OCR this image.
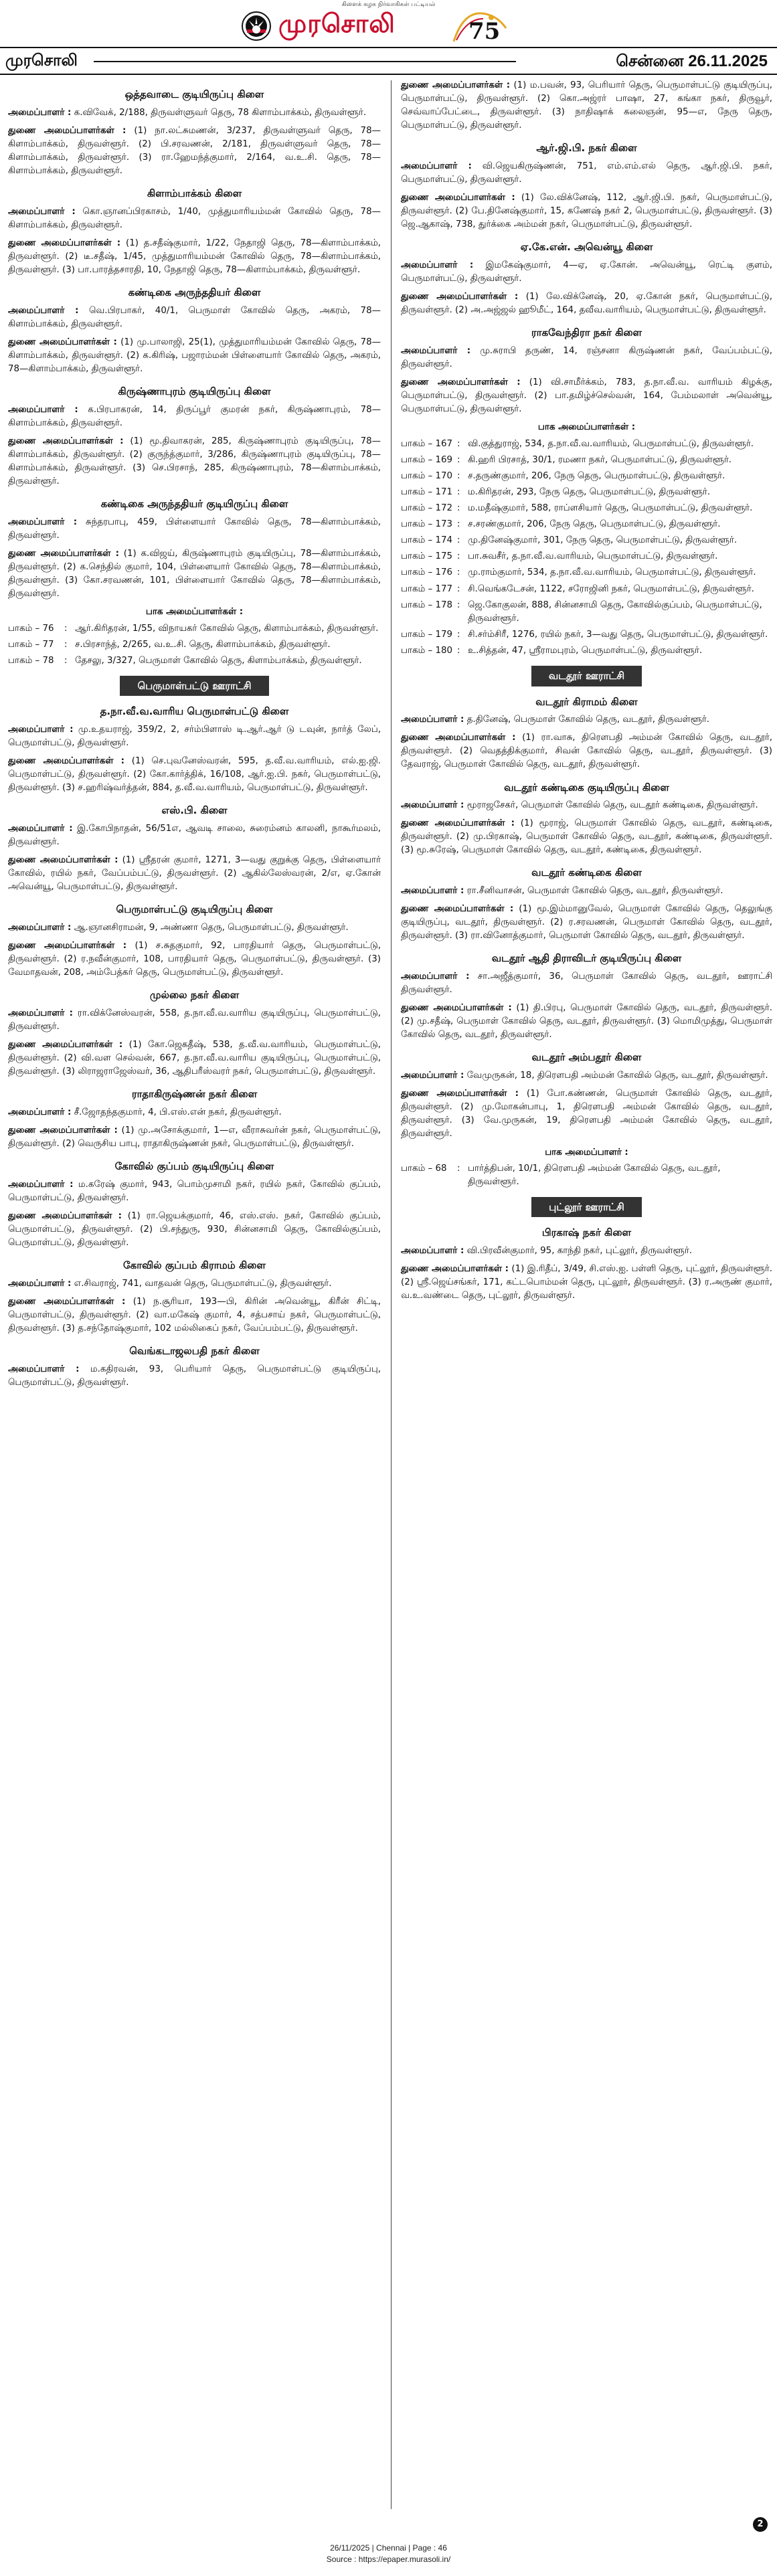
கிளைக் கழக நிர்வாகிகள் பட்டியல்
முரசொலி	75
முரசொலி	சென்னை 26.11.2025
ஒத்தவாடை குடியிருப்பு கிளை

அமைப்பாளர் : க.விவேக், 2/188, திருவள்ளுவர் தெரு, 78 கிளாம்பாக்கம், திருவள்ளூர்.

துணை அமைப்பாளர்கள் : (1) நா.லட்சுமணன், 3/237, திருவள்ளுவர் தெரு, 78—கிளாம்பாக்கம், திருவள்ளூர். (2) பி.சரவணன், 2/181, திருவள்ளுவர் தெரு, 78—கிளாம்பாக்கம், திருவள்ளூர். (3) ரா.ஹேமந்த்குமார், 2/164, வ.உ.சி. தெரு, 78—கிளாம்பாக்கம், திருவள்ளூர்.

கிளாம்பாக்கம் கிளை

அமைப்பாளர் : கொ.ஞானப்பிரகாசம், 1/40, முத்துமாரியம்மன் கோவில் தெரு, 78—கிளாம்பாக்கம், திருவள்ளூர்.

துணை அமைப்பாளர்கள் : (1) த.சதீஷ்குமார், 1/22, நேதாஜி தெரு, 78—கிளாம்பாக்கம், திருவள்ளூர். (2) டீ.சதீஷ், 1/45, முத்துமாரியம்மன் கோவில் தெரு, 78—கிளாம்பாக்கம், திருவள்ளூர். (3) பா.பாரத்தசாரதி, 10, நேதாஜி தெரு, 78—கிளாம்பாக்கம், திருவள்ளூர்.

கண்டிகை அருந்ததியர் கிளை

அமைப்பாளர் : வெ.பிரபாகர், 40/1, பெருமாள் கோவில் தெரு, அகரம், 78—கிளாம்பாக்கம், திருவள்ளூர்.

துணை அமைப்பாளர்கள் : (1) மு.பாலாஜி, 25(1), முத்துமாரியம்மன் கோவில் தெரு, 78—கிளாம்பாக்கம், திருவள்ளூர். (2) க.கிரிஷ், பஜாரம்மன் பிள்ளையார் கோவில் தெரு, அகரம், 78—கிளாம்பாக்கம், திருவள்ளூர்.

கிருஷ்ணாபுரம் குடியிருப்பு கிளை

அமைப்பாளர் : க.பிரபாகரன், 14, திருப்பூர் குமரன் நகர், கிருஷ்ணாபுரம், 78—கிளாம்பாக்கம், திருவள்ளூர்.

துணை அமைப்பாளர்கள் : (1) மூ.திவாகரன், 285, கிருஷ்ணாபுரம் குடியிருப்பு, 78—கிளாம்பாக்கம், திருவள்ளூர். (2) குருந்த்குமார், 3/286, கிருஷ்ணாபுரம் குடியிருப்பு, 78—கிளாம்பாக்கம், திருவள்ளூர். (3) செ.பிரசாந், 285, கிருஷ்ணாபுரம், 78—கிளாம்பாக்கம், திருவள்ளூர்.

கண்டிகை அருந்ததியர் குடியிருப்பு கிளை

அமைப்பாளர் : சுந்தரபாபு, 459, பிள்ளையார் கோவில் தெரு, 78—கிளாம்பாக்கம், திருவள்ளூர்.

துணை அமைப்பாளர்கள் : (1) க.விஜய், கிருஷ்ணாபுரம் குடியிருப்பு, 78—கிளாம்பாக்கம், திருவள்ளூர். (2) க.செந்தில் குமார், 104, பிள்ளையார் கோவில் தெரு, 78—கிளாம்பாக்கம், திருவள்ளூர். (3) கோ.சரவணன், 101, பிள்ளையார் கோவில் தெரு, 78—கிளாம்பாக்கம், திருவள்ளூர்.

பாக அமைப்பாளர்கள் :
பாகம் – 76	: ஆர்.கிரிதரன், 1/55, விநாயகர் கோவில் தெரு, கிளாம்பாக்கம், திருவள்ளூர்.
பாகம் – 77	: ச.பிரசாந்த், 2/265, வ.உ.சி. தெரு, கிளாம்பாக்கம், திருவள்ளூர்.
பாகம் – 78	: தேசலு, 3/327, பெருமாள் கோவில் தெரு, கிளாம்பாக்கம், திருவள்ளூர்.
பெருமாள்பட்டு ஊராட்சி
த.நா.வீ.வ.வாரிய பெருமாள்பட்டு கிளை

அமைப்பாளர் : மு.உதயராஜ், 359/2, 2, சர்ம்பிளாஸ் டி.ஆர்.ஆர் டு டவுன், நார்த் லேப், பெருமாள்பட்டு, திருவள்ளூர்.

துணை அமைப்பாளர்கள் : (1) செ.புவனேஸ்வரன், 595, த.வீ.வ.வாரியம், எல்.ஐ.ஜி. பெருமாள்பட்டு, திருவள்ளூர். (2) கோ.கார்த்திக், 16/108, ஆர்.ஐ.பி. நகர், பெருமாள்பட்டு, திருவள்ளூர். (3) ச.ஹரிஷ்வர்த்தன், 884, த.வீ.வ.வாரியம், பெருமாள்பட்டு, திருவள்ளூர்.

எஸ்.பி. கிளை

அமைப்பாளர் : இ.கோபிநாதன், 56/51எ, ஆவடி சாலை, சுரைம்னம் காலனி, நாகூர்மலம், திருவள்ளூர்.

துணை அமைப்பாளர்கள் : (1) ஸ்ரீதரன் குமார், 1271, 3—வது குறுக்கு தெரு, பிள்ளையார் கோவில், ரயில் நகர், வேப்பம்பட்டு, திருவள்ளூர். (2) ஆகில்லேஸ்வரன், 2/எ, ஏ.கோன் அவென்யூ, பெருமாள்பட்டு, திருவள்ளூர்.

பெருமாள்பட்டு குடியிருப்பு கிளை

அமைப்பாளர் : ஆ.ஞானசிராமன், 9, அண்ணா தெரு, பெருமாள்பட்டு, திருவள்ளூர்.

துணை அமைப்பாளர்கள் : (1) ச.சுதகுமார், 92, பாரதியார் தெரு, பெருமாள்பட்டு, திருவள்ளூர். (2) ர.நவீன்குமார், 108, பாரதியார் தெரு, பெருமாள்பட்டு, திருவள்ளூர். (3) வேமாதவன், 208, அம்பேத்கர் தெரு, பெருமாள்பட்டு, திருவள்ளூர்.

முல்லை நகர் கிளை

அமைப்பாளர் : ரா.விக்னேஸ்வரன், 558, த.நா.வீ.வ.வாரிய குடியிருப்பு, பெருமாள்பட்டு, திருவள்ளூர்.

துணை அமைப்பாளர்கள் : (1) கோ.ஜெகதீஷ், 538, த.வீ.வ.வாரியம், பெருமாள்பட்டு, திருவள்ளூர். (2) வி.வள செல்வன், 667, த.நா.வீ.வ.வாரிய குடியிருப்பு, பெருமாள்பட்டு, திருவள்ளூர். (3) லிராஜராஜேஸ்வர், 36, ஆதிபரீஸ்வரர் நகர், பெருமாள்பட்டு, திருவள்ளூர்.

ராதாகிருஷ்ணன் நகர் கிளை

அமைப்பாளர் : சீ.ஜோதந்தகுமார், 4, பி.எஸ்.என் நகர், திருவள்ளூர்.

துணை அமைப்பாளர்கள் : (1) மு.அசோக்குமார், 1—எ, வீராசுவர்ன் நகர், பெருமாள்பட்டு, திருவள்ளூர். (2) வெருசிய பாபு, ராதாகிருஷ்ணன் நகர், பெருமாள்பட்டு, திருவள்ளூர்.

கோவில் குப்பம் குடியிருப்பு கிளை

அமைப்பாளர் : ம.கரேஷ் குமார், 943, பொம்முசாமி நகர், ரயில் நகர், கோவில் குப்பம், பெருமாள்பட்டு, திருவள்ளூர்.

துணை அமைப்பாளர்கள் : (1) ரா.ஜெயக்குமார், 46, எஸ்.எஸ். நகர், கோவில் குப்பம், பெருமாள்பட்டு, திருவள்ளூர். (2) பி.சந்துரு, 930, சின்னசாமி தெரு, கோவில்குப்பம், பெருமாள்பட்டு, திருவள்ளூர்.

கோவில் குப்பம் கிராமம் கிளை

அமைப்பாளர் : எ.சிவராஜ், 741, வாதவன் தெரு, பெருமாள்பட்டு, திருவள்ளூர்.

துணை அமைப்பாளர்கள் : (1) ந.சூரியா, 193—பி, கிரின் அவென்யூ, கிரீன் சிட்டி, பெருமாள்பட்டு, திருவள்ளூர். (2) வா.மகேஷ் குமார், 4, சத்பசாய் நகர், பெருமாள்பட்டு, திருவள்ளூர். (3) த.சந்தோஷ்குமார், 102 மல்லிகைப் நகர், வேப்பம்பட்டு, திருவள்ளூர்.

வெங்கடாஜலபதி நகர் கிளை

அமைப்பாளர் : ம.கதிரவன், 93, பெரியார் தெரு, பெருமாள்பட்டு குடியிருப்பு, பெருமாள்பட்டு, திருவள்ளூர்.

துணை அமைப்பாளர்கள் : (1) ம.பவன், 93, பெரியார் தெரு, பெருமாள்பட்டு குடியிருப்பு, பெருமாள்பட்டு, திருவள்ளூர். (2) கொ.அஜ்ரர் பாஷா, 27, கங்கா நகர், திருவூர், செவ்வாப்பேட்டை, திருவள்ளூர். (3) நாதிஷாக் கலைஞன், 95—எ, நேரு தெரு, பெருமாள்பட்டு, திருவள்ளூர்.

ஆர்.ஜி.பி. நகர் கிளை

அமைப்பாளர் : வி.ஜெயகிருஷ்ணன், 751, எம்.எம்.எல் தெரு, ஆர்.ஜி.பி. நகர், பெருமாள்பட்டு, திருவள்ளூர்.

துணை அமைப்பாளர்கள் : (1) லே.விக்னேஷ், 112, ஆர்.ஜி.பி. நகர், பெருமாள்பட்டு, திருவள்ளூர். (2) பே.தினேஷ்குமார், 15, கணேஷ் நகர் 2, பெருமாள்பட்டு, திருவள்ளூர். (3) ஜெ.ஆகாஷ், 738, துர்க்கை அம்மன் நகர், பெருமாள்பட்டு, திருவள்ளூர்.

ஏ.கே.என். அவென்யூ கிளை

அமைப்பாளர் : இமகேஷ்குமார், 4—ஏ, ஏ.கோன். அவென்யூ, ரெட்டி குளம், பெருமாள்பட்டு, திருவள்ளூர்.

துணை அமைப்பாளர்கள் : (1) லே.விக்னேஷ், 20, ஏ.கோன் நகர், பெருமாள்பட்டு, திருவள்ளூர். (2) அ.அஜ்ஜல் ஹூமீட், 164, தவீவ.வாரியம், பெருமாள்பட்டு, திருவள்ளூர்.

ராகவேந்திரா நகர் கிளை

அமைப்பாளர் : மு.சுராபி தருண், 14, ரஞ்சனா கிருஷ்ணன் நகர், வேப்பம்பட்டு, திருவள்ளூர்.

துணை அமைப்பாளர்கள் : (1) வி.சாமீர்க்கம், 783, த.நா.வீ.வ. வாரியம் கிழக்கு, பெருமாள்பட்டு, திருவள்ளூர். (2) பா.தமிழ்ச்செல்வன், 164, பேம்மலாள் அவென்யூ, பெருமாள்பட்டு, திருவள்ளூர்.

பாக அமைப்பாளர்கள் :
பாகம் – 167 : வி.குத்துராஜ், 534, த.நா.வீ.வ.வாரியம், பெருமாள்பட்டு, திருவள்ளூர்.
பாகம் – 169 : கி.ஹரி பிரசாத், 30/1, ரமணா நகர், பெருமாள்பட்டு, திருவள்ளூர்.
பாகம் – 170 : ச.தருண்குமார், 206, நேரு தெரு, பெருமாள்பட்டு, திருவள்ளூர்.
பாகம் – 171 : ம.கிரிதரன், 293, நேரு தெரு, பெருமாள்பட்டு, திருவள்ளூர்.
பாகம் – 172 : ம.மதீஷ்குமார், 588, ராப்ளசியார் தெரு, பெருமாள்பட்டு, திருவள்ளூர்.
பாகம் – 173 : ச.சரண்குமார், 206, நேரு தெரு, பெருமாள்பட்டு, திருவள்ளூர்.
பாகம் – 174 : மு.தினேஷ்குமார், 301, நேரு தெரு, பெருமாள்பட்டு, திருவள்ளூர்.
பாகம் – 175 : பா.சுவசீர், த.நா.வீ.வ.வாரியம், பெருமாள்பட்டு, திருவள்ளூர்.
பாகம் – 176 : மு.ராம்குமார், 534, த.நா.வீ.வ.வாரியம், பெருமாள்பட்டு, திருவள்ளூர்.
பாகம் – 177 : சி.வெங்கடேசன், 1122, சரோஜினி நகர், பெருமாள்பட்டு, திருவள்ளூர்.
பாகம் – 178 : ஜெ.கோகுலன், 888, சின்னசாமி தெரு, கோவில்குப்பம், பெருமாள்பட்டு, திருவள்ளூர்.
பாகம் – 179 : சி.சர்ம்சிரீ, 1276, ரயில் நகர், 3—வது தெரு, பெருமாள்பட்டு, திருவள்ளூர்.
பாகம் – 180 : உ.சித்தன், 47, ஸ்ரீராமபுரம், பெருமாள்பட்டு, திருவள்ளூர்.
வடதூர் ஊராட்சி
வடதூர் கிராமம் கிளை

அமைப்பாளர் : த.தினேஷ், பெருமாள் கோவில் தெரு, வடதூர், திருவள்ளூர்.

துணை அமைப்பாளர்கள் : (1) ரா.வாசு, திரௌபதி அம்மன் கோவில் தெரு, வடதூர், திருவள்ளூர். (2) வெதத்திக்குமார், சிவன் கோவில் தெரு, வடதூர், திருவள்ளூர். (3) தேவராஜ், பெருமாள் கோவில் தெரு, வடதூர், திருவள்ளூர்.

வடதூர் கண்டிகை குடியிருப்பு கிளை

அமைப்பாளர் : மூராஜசேகர், பெருமாள் கோவில் தெரு, வடதூர் கண்டிகை, திருவள்ளூர்.

துணை அமைப்பாளர்கள் : (1) மூராஜ், பெருமாள் கோவில் தெரு, வடதூர், கண்டிகை, திருவள்ளூர். (2) மு.பிரகாஷ், பெருமாள் கோவில் தெரு, வடதூர், கண்டிகை, திருவள்ளூர். (3) மூ.சுரேஷ், பெருமாள் கோவில் தெரு, வடதூர், கண்டிகை, திருவள்ளூர்.

வடதூர் கண்டிகை கிளை

அமைப்பாளர் : ரா.சீனிவாசன், பெருமாள் கோவில் தெரு, வடதூர், திருவள்ளூர்.

துணை அமைப்பாளர்கள் : (1) மூ.இம்மானுவேல், பெருமாள் கோவில் தெரு, தெலுங்கு குடியிருப்பு, வடதூர், திருவள்ளூர். (2) ர.சரவணன், பெருமாள் கோவில் தெரு, வடதூர், திருவள்ளூர். (3) ரா.வினோத்குமார், பெருமாள் கோவில் தெரு, வடதூர், திருவள்ளூர்.

வடதூர் ஆதி திராவிடர் குடியிருப்பு கிளை

அமைப்பாளர் : சா.அஜீத்குமார், 36, பெருமாள் கோவில் தெரு, வடதூர், ஊராட்சி திருவள்ளூர்.

துணை அமைப்பாளர்கள் : (1) தி.பிரபு, பெருமாள் கோவில் தெரு, வடதூர், திருவள்ளூர். (2) மு.சதீஷ், பெருமாள் கோவில் தெரு, வடதூர், திருவள்ளூர். (3) மொமிமுத்து, பெருமாள் கோவில் தெரு, வடதூர், திருவள்ளூர்.

வடதூர் அம்பதூர் கிளை

அமைப்பாளர் : வேமுருகன், 18, திரௌபதி அம்மன் கோவில் தெரு, வடதூர், திருவள்ளூர்.

துணை அமைப்பாளர்கள் : (1) போ.கண்ணன், பெருமாள் கோவில் தெரு, வடதூர், திருவள்ளூர். (2) மு.மோகன்பாபு, 1, திரௌபதி அம்மன் கோவில் தெரு, வடதூர், திருவள்ளூர். (3) வே.முருகன், 19, திரௌபதி அம்மன் கோவில் தெரு, வடதூர், திருவள்ளூர்.

பாக அமைப்பாளர் :
பாகம் – 68	: பார்த்திபன், 10/1, திரௌபதி அம்மன் கோவில் தெரு, வடதூர், திருவள்ளூர்.
புட்லூர் ஊராட்சி
பிரகாஷ் நகர் கிளை

அமைப்பாளர் : வி.பிரவீன்குமார், 95, காந்தி நகர், புட்லூர், திருவள்ளூர்.

துணை அமைப்பாளர்கள் : (1) இ.ரிதீப், 3/49, சி.எஸ்.ஐ. பள்ளி தெரு, புட்லூர், திருவள்ளூர். (2) ஸ்ரீ.ஜெய்சங்கர், 171, கட்டபொம்மன் தெரு, புட்லூர், திருவள்ளூர். (3) ர.அருண் குமார், வ.உ.வண்டை தெரு, புட்லூர், திருவள்ளூர்.

2
26/11/2025 | Chennai | Page : 46
Source : https://epaper.murasoli.in/
